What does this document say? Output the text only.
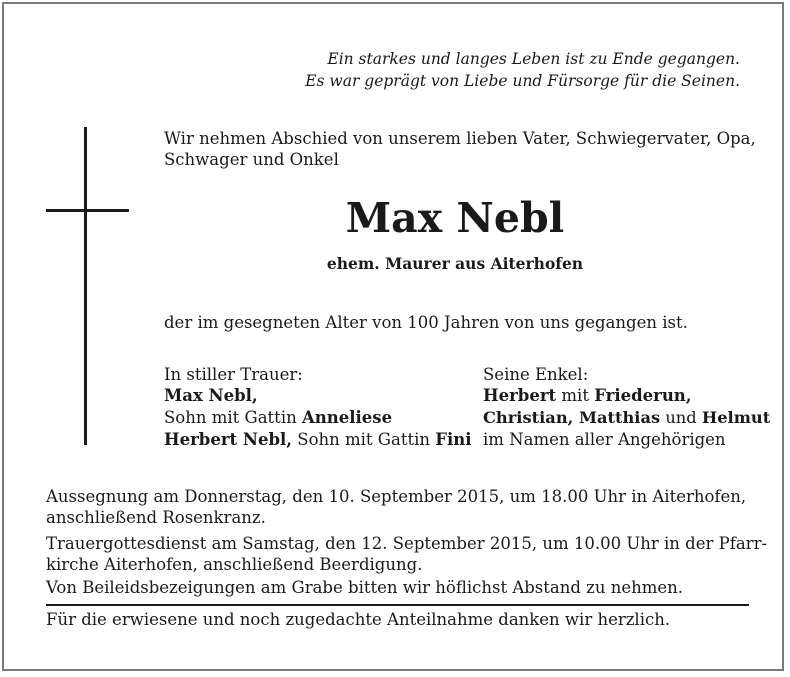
Ein starkes und langes Leben ist zu Ende gegangen.
Es war geprägt von Liebe und Fürsorge für die Seinen.
Wir nehmen Abschied von unserem lieben Vater, Schwiegervater, Opa,
Schwager und Onkel
Max Nebl
ehem. Maurer aus Aiterhofen
der im gesegneten Alter von 100 Jahren von uns gegangen ist.
In stiller Trauer:
Max Nebl,
Sohn mit Gattin Anneliese
Herbert Nebl, Sohn mit Gattin Fini
Seine Enkel:
Herbert mit Friederun,
Christian, Matthias und Helmut
im Namen aller Angehörigen
Aussegnung am Donnerstag, den 10. September 2015, um 18.00 Uhr in Aiterhofen,
anschließend Rosenkranz.
Trauergottesdienst am Samstag, den 12. September 2015, um 10.00 Uhr in der Pfarr-
kirche Aiterhofen, anschließend Beerdigung.
Von Beileidsbezeigungen am Grabe bitten wir höflichst Abstand zu nehmen.
Für die erwiesene und noch zugedachte Anteilnahme danken wir herzlich.
